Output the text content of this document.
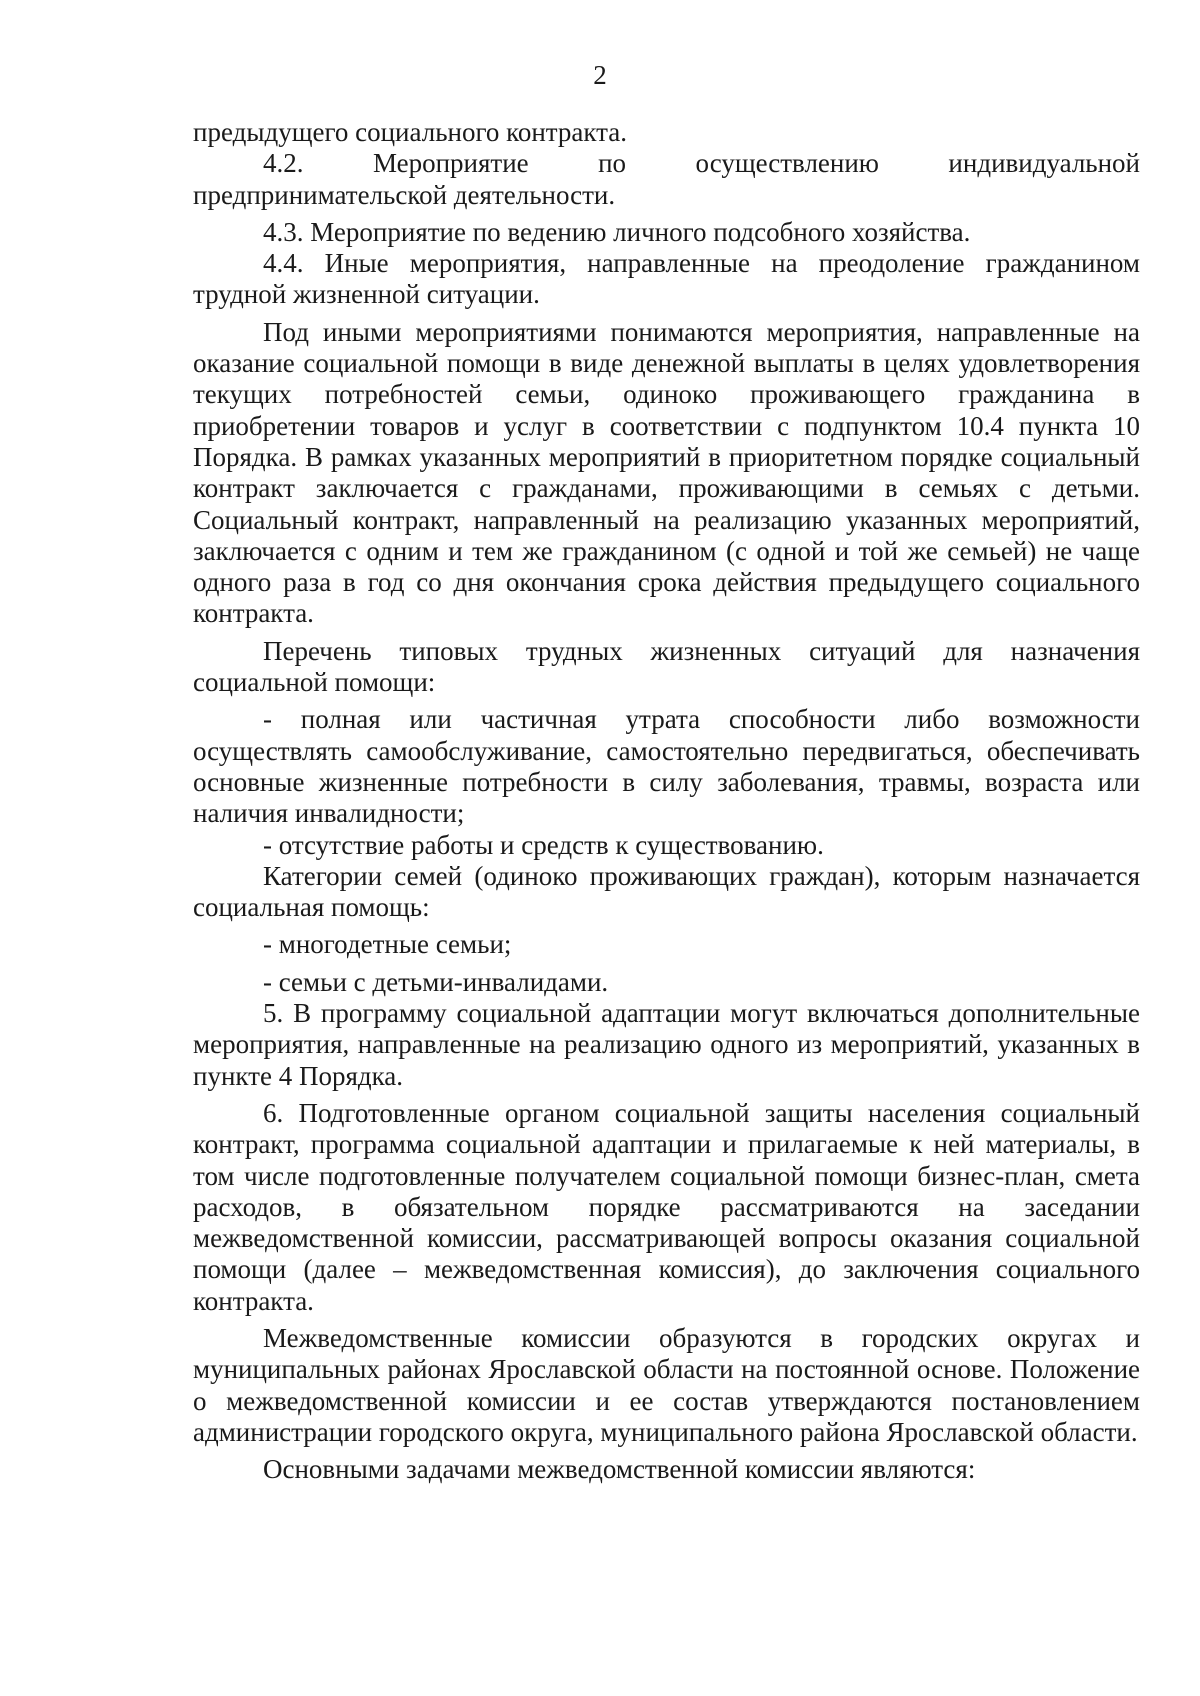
2

предыдущего социального контракта.

4.2. Мероприятие по осуществлению индивидуальной предпринимательской деятельности.

4.3. Мероприятие по ведению личного подсобного хозяйства.

4.4. Иные мероприятия, направленные на преодоление гражданином трудной жизненной ситуации.

Под иными мероприятиями понимаются мероприятия, направленные на оказание социальной помощи в виде денежной выплаты в целях удовлетворения текущих потребностей семьи, одиноко проживающего гражданина в приобретении товаров и услуг в соответствии с подпунктом 10.4 пункта 10 Порядка. В рамках указанных мероприятий в приоритетном порядке социальный контракт заключается с гражданами, проживающими в семьях с детьми. Социальный контракт, направленный на реализацию указанных мероприятий, заключается с одним и тем же гражданином (с одной и той же семьей) не чаще одного раза в год со дня окончания срока действия предыдущего социального контракта.

Перечень типовых трудных жизненных ситуаций для назначения социальной помощи:

- полная или частичная утрата способности либо возможности осуществлять самообслуживание, самостоятельно передвигаться, обеспечивать основные жизненные потребности в силу заболевания, травмы, возраста или наличия инвалидности;

- отсутствие работы и средств к существованию.

Категории семей (одиноко проживающих граждан), которым назначается социальная помощь:

- многодетные семьи;

- семьи с детьми-инвалидами.

5. В программу социальной адаптации могут включаться дополнительные мероприятия, направленные на реализацию одного из мероприятий, указанных в пункте 4 Порядка.

6. Подготовленные органом социальной защиты населения социальный контракт, программа социальной адаптации и прилагаемые к ней материалы, в том числе подготовленные получателем социальной помощи бизнес-план, смета расходов, в обязательном порядке рассматриваются на заседании межведомственной комиссии, рассматривающей вопросы оказания социальной помощи (далее – межведомственная комиссия), до заключения социального контракта.

Межведомственные комиссии образуются в городских округах и муниципальных районах Ярославской области на постоянной основе. Положение о межведомственной комиссии и ее состав утверждаются постановлением администрации городского округа, муниципального района Ярославской области.

Основными задачами межведомственной комиссии являются:
